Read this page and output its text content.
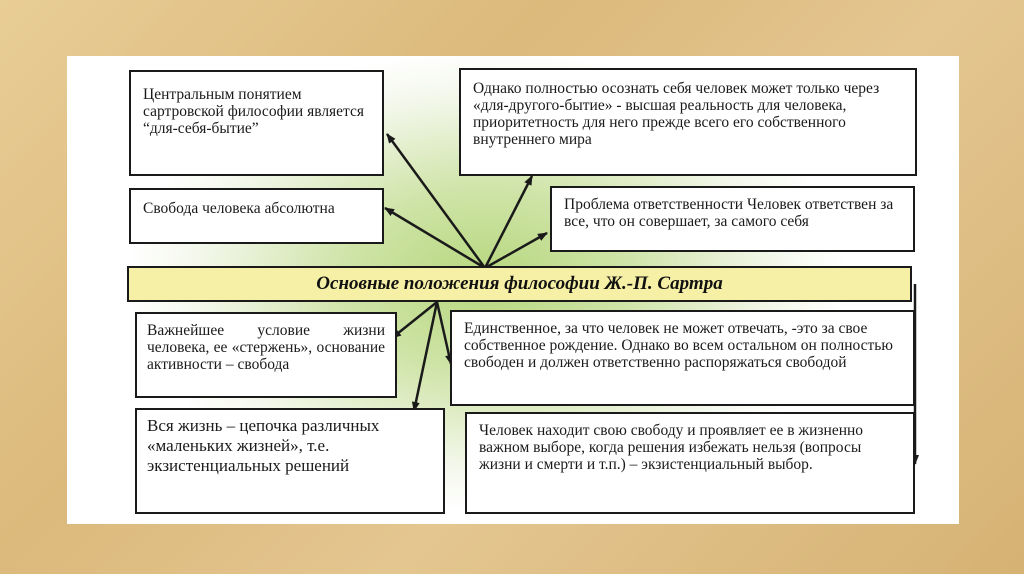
Центральным понятием сартровской философии является “для-себя-бытие”
Свобода человека абсолютна
Однако полностью осознать себя человек может только через «для-другого-бытие» - высшая реальность для человека, приоритетность для него прежде всего его собственного внутреннего мира
Проблема ответственности Человек ответствен за все, что он совершает, за самого себя
Основные положения философии Ж.-П. Сартра
Важнейшее условие жизни человека, ее «стержень», основание активности – свобода
Единственное, за что человек не может отвечать, -это за свое собственное рождение. Однако во всем остальном он полностью свободен и должен ответственно распоряжаться свободой
Вся жизнь – цепочка различных «маленьких жизней», т.е. экзистенциальных решений
Человек находит свою свободу и проявляет ее в жизненно важном выборе, когда решения избежать нельзя (вопросы жизни и смерти и т.п.) – экзистенциальный выбор.
